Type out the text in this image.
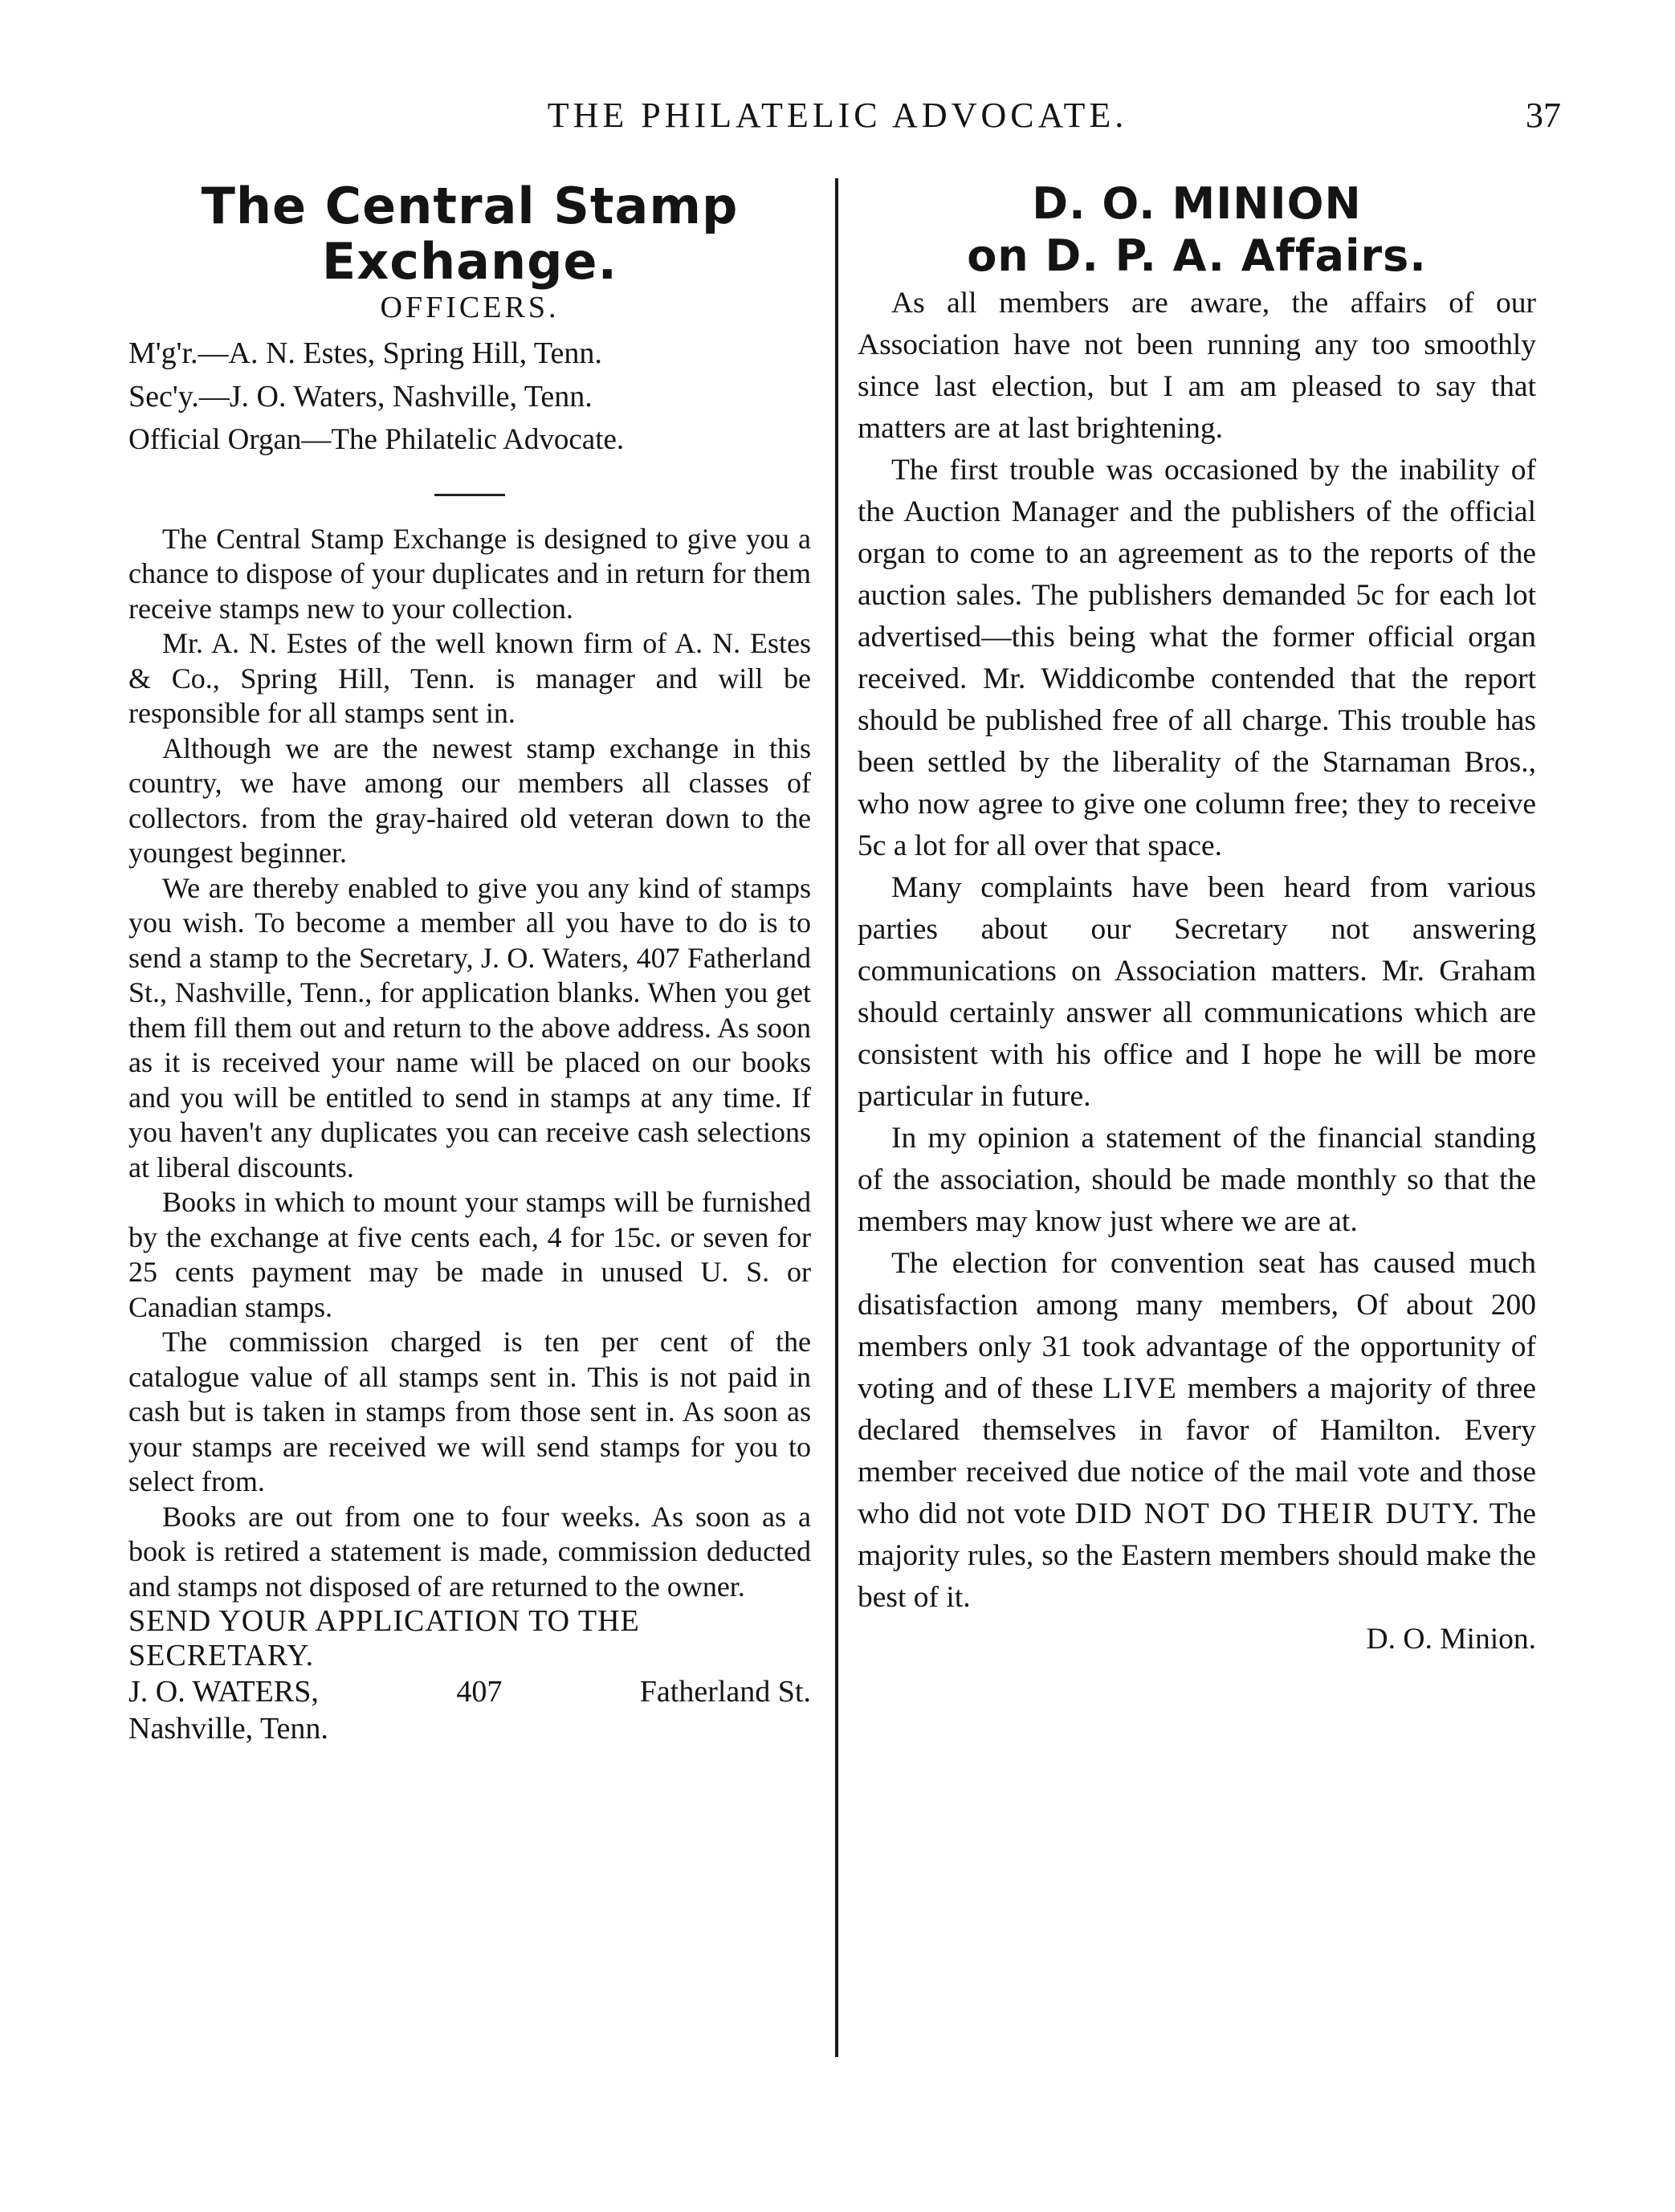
THE PHILATELIC ADVOCATE.	37
The Central Stamp
Exchange.

OFFICERS.

M'g'r.—A. N. Estes, Spring Hill, Tenn.

Sec'y.—J. O. Waters, Nashville, Tenn.

Official Organ—The Philatelic Advocate.

The Central Stamp Exchange is designed to give you a chance to dispose of your duplicates and in return for them receive stamps new to your collection.

Mr. A. N. Estes of the well known firm of A. N. Estes & Co., Spring Hill, Tenn. is manager and will be responsible for all stamps sent in.

Although we are the newest stamp exchange in this country, we have among our members all classes of collectors. from the gray-haired old veteran down to the youngest beginner.

We are thereby enabled to give you any kind of stamps you wish. To become a member all you have to do is to send a stamp to the Secretary, J. O. Waters, 407 Fatherland St., Nashville, Tenn., for application blanks. When you get them fill them out and return to the above address. As soon as it is received your name will be placed on our books and you will be entitled to send in stamps at any time. If you haven't any duplicates you can receive cash selections at liberal discounts.

Books in which to mount your stamps will be furnished by the exchange at five cents each, 4 for 15c. or seven for 25 cents payment may be made in unused U. S. or Canadian stamps.

The commission charged is ten per cent of the catalogue value of all stamps sent in. This is not paid in cash but is taken in stamps from those sent in. As soon as your stamps are received we will send stamps for you to select from.

Books are out from one to four weeks. As soon as a book is retired a statement is made, commission deducted and stamps not disposed of are returned to the owner.

SEND YOUR APPLICATION TO THE SECRETARY.

J. O. WATERS,	407	Fatherland St.

Nashville, Tenn.

D. O. MINION
on D. P. A. Affairs.

As all members are aware, the affairs of our Association have not been running any too smoothly since last election, but I am am pleased to say that matters are at last brightening.

The first trouble was occasioned by the inability of the Auction Manager and the publishers of the official organ to come to an agreement as to the reports of the auction sales. The publishers demanded 5c for each lot advertised—this being what the former official organ received. Mr. Widdicombe contended that the report should be published free of all charge. This trouble has been settled by the liberality of the Starnaman Bros., who now agree to give one column free; they to receive 5c a lot for all over that space.

Many complaints have been heard from various parties about our Secretary not answering communications on Association matters. Mr. Graham should certainly answer all communications which are consistent with his office and I hope he will be more particular in future.

In my opinion a statement of the financial standing of the association, should be made monthly so that the members may know just where we are at.

The election for convention seat has caused much disatisfaction among many members, Of about 200 members only 31 took advantage of the opportunity of voting and of these LIVE members a majority of three declared themselves in favor of Hamilton. Every member received due notice of the mail vote and those who did not vote DID NOT DO THEIR DUTY. The majority rules, so the Eastern members should make the best of it.

D. O. Minion.
